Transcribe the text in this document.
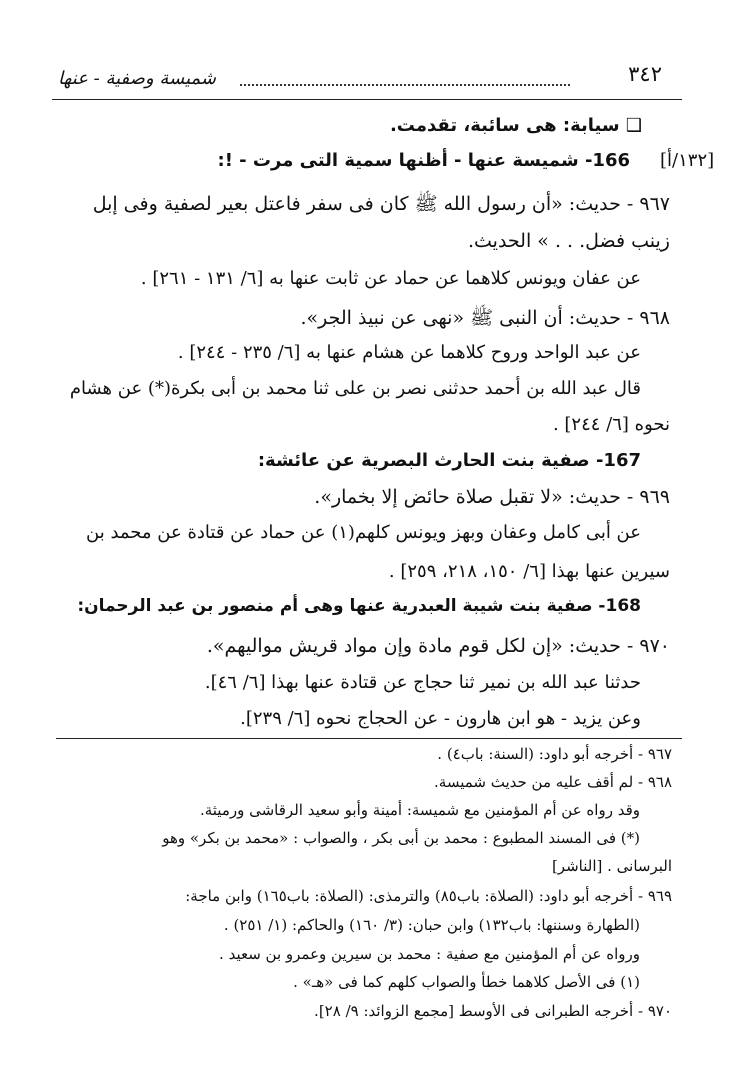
٣٤٢
شميسة وصفية - عنها
❑ سيابة: هى سائبة، تقدمت.
[١٣٢/أ]
166- شميسة عنها - أظنها سمية التى مرت - !:
٩٦٧ - حديث: «أن رسول الله ﷺ كان فى سفر فاعتل بعير لصفية وفى إبل
زينب فضل. . . » الحديث.
عن عفان ويونس كلاهما عن حماد عن ثابت عنها به [٦/ ١٣١ - ٢٦١] .
٩٦٨ - حديث: أن النبى ﷺ «نهى عن نبيذ الجر».
عن عبد الواحد وروح كلاهما عن هشام عنها به [٦/ ٢٣٥ - ٢٤٤] .
قال عبد الله بن أحمد حدثنى نصر بن على ثنا محمد بن أبى بكرة(*) عن هشام
نحوه [٦/ ٢٤٤] .
167- صفية بنت الحارث البصرية عن عائشة:
٩٦٩ - حديث: «لا تقبل صلاة حائض إلا بخمار».
عن أبى كامل وعفان وبهز ويونس كلهم(١) عن حماد عن قتادة عن محمد بن
سيرين عنها بهذا [٦/ ١٥٠، ٢١٨، ٢٥٩] .
168- صفية بنت شيبة العبدرية عنها وهى أم منصور بن عبد الرحمان:
٩٧٠ - حديث: «إن لكل قوم مادة وإن مواد قريش مواليهم».
حدثنا عبد الله بن نمير ثنا حجاج عن قتادة عنها بهذا [٦/ ٤٦].
وعن يزيد - هو ابن هارون - عن الحجاج نحوه [٦/ ٢٣٩].
٩٦٧ - أخرجه أبو داود: (السنة: باب٤) .
٩٦٨ - لم أقف عليه من حديث شميسة.
وقد رواه عن أم المؤمنين مع شميسة: أمينة وأبو سعيد الرقاشى ورميثة.
(*) فى المسند المطبوع : محمد بن أبى بكر ، والصواب : «محمد بن بكر» وهو
البرسانى . [الناشر]
٩٦٩ - أخرجه أبو داود: (الصلاة: باب٨٥) والترمذى: (الصلاة: باب١٦٥) وابن ماجة:
(الطهارة وسننها: باب١٣٢) وابن حبان: (٣/ ١٦٠) والحاكم: (١/ ٢٥١) .
ورواه عن أم المؤمنين مع صفية : محمد بن سيرين وعمرو بن سعيد .
(١) فى الأصل كلاهما خطأ والصواب كلهم كما فى «هـ» .
٩٧٠ - أخرجه الطبرانى فى الأوسط [مجمع الزوائد: ٩/ ٢٨].
